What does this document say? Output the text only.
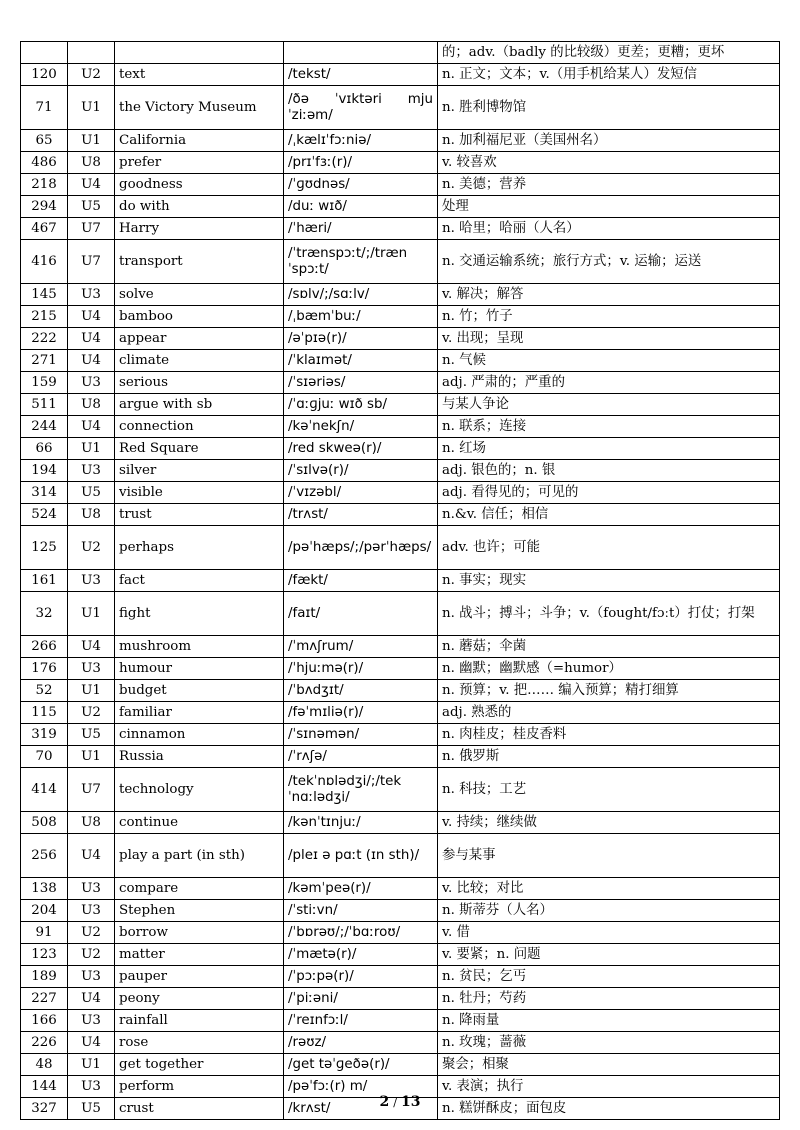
				的；adv.（badly 的比较级）更差；更糟；更坏
120	U2	text	/tekst/	n. 正文；文本；v.（用手机给某人）发短信
71	U1	the Victory Museum	/ðə ˈvɪktəri mjuˈziːəm/	n. 胜利博物馆
65	U1	California	/ˌkælɪˈfɔːniə/	n. 加利福尼亚（美国州名）
486	U8	prefer	/prɪˈfɜː(r)/	v. 较喜欢
218	U4	goodness	/ˈɡʊdnəs/	n. 美德；营养
294	U5	do with	/duː wɪð/	处理
467	U7	Harry	/ˈhæri/	n. 哈里；哈丽（人名）
416	U7	transport	/ˈtrænspɔːt/;/trænˈspɔːt/	n. 交通运输系统；旅行方式；v. 运输；运送
145	U3	solve	/sɒlv/;/sɑːlv/	v. 解决；解答
215	U4	bamboo	/ˌbæmˈbuː/	n. 竹；竹子
222	U4	appear	/əˈpɪə(r)/	v. 出现；呈现
271	U4	climate	/ˈklaɪmət/	n. 气候
159	U3	serious	/ˈsɪəriəs/	adj. 严肃的；严重的
511	U8	argue with sb	/ˈɑːɡjuː wɪð sb/	与某人争论
244	U4	connection	/kəˈnekʃn/	n. 联系；连接
66	U1	Red Square	/red skweə(r)/	n. 红场
194	U3	silver	/ˈsɪlvə(r)/	adj. 银色的；n. 银
314	U5	visible	/ˈvɪzəbl/	adj. 看得见的；可见的
524	U8	trust	/trʌst/	n.&v. 信任；相信
125	U2	perhaps	/pəˈhæps/;/pərˈhæps/	adv. 也许；可能
161	U3	fact	/fækt/	n. 事实；现实
32	U1	fight	/faɪt/	n. 战斗；搏斗；斗争；v.（fought/fɔːt）打仗；打架
266	U4	mushroom	/ˈmʌʃrum/	n. 蘑菇；伞菌
176	U3	humour	/ˈhjuːmə(r)/	n. 幽默；幽默感（=humor）
52	U1	budget	/ˈbʌdʒɪt/	n. 预算；v. 把…… 编入预算；精打细算
115	U2	familiar	/fəˈmɪliə(r)/	adj. 熟悉的
319	U5	cinnamon	/ˈsɪnəmən/	n. 肉桂皮；桂皮香料
70	U1	Russia	/ˈrʌʃə/	n. 俄罗斯
414	U7	technology	/tekˈnɒlədʒi/;/tekˈnɑːlədʒi/	n. 科技；工艺
508	U8	continue	/kənˈtɪnjuː/	v. 持续；继续做
256	U4	play a part (in sth)	/pleɪ ə pɑːt (ɪn sth)/	参与某事
138	U3	compare	/kəmˈpeə(r)/	v. 比较；对比
204	U3	Stephen	/ˈstiːvn/	n. 斯蒂芬（人名）
91	U2	borrow	/ˈbɒrəʊ/;/ˈbɑːroʊ/	v. 借
123	U2	matter	/ˈmætə(r)/	v. 要紧；n. 问题
189	U3	pauper	/ˈpɔːpə(r)/	n. 贫民；乞丐
227	U4	peony	/ˈpiːəni/	n. 牡丹；芍药
166	U3	rainfall	/ˈreɪnfɔːl/	n. 降雨量
226	U4	rose	/rəʊz/	n. 玫瑰；蔷薇
48	U1	get together	/get təˈɡeðə(r)/	聚会；相聚
144	U3	perform	/pəˈfɔː(r) m/	v. 表演；执行
327	U5	crust	/krʌst/	n. 糕饼酥皮；面包皮
2 / 13
